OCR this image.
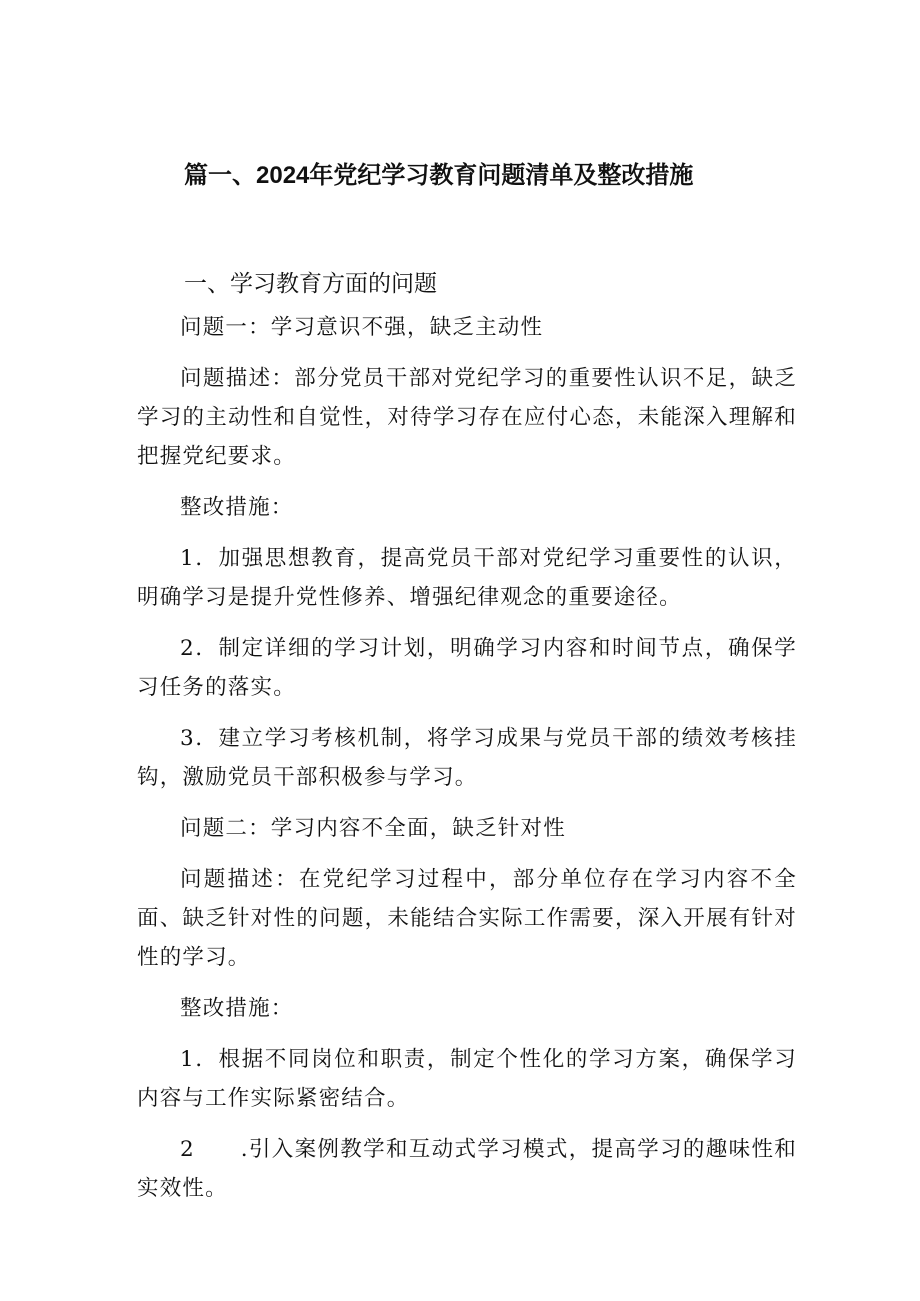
篇一、2024年党纪学习教育问题清单及整改措施
一、学习教育方面的问题

问题一：学习意识不强，缺乏主动性

问题描述：部分党员干部对党纪学习的重要性认识不足，缺乏学习的主动性和自觉性，对待学习存在应付心态，未能深入理解和把握党纪要求。

整改措施：

1．加强思想教育，提高党员干部对党纪学习重要性的认识，明确学习是提升党性修养、增强纪律观念的重要途径。

2．制定详细的学习计划，明确学习内容和时间节点，确保学习任务的落实。

3．建立学习考核机制，将学习成果与党员干部的绩效考核挂钩，激励党员干部积极参与学习。

问题二：学习内容不全面，缺乏针对性

问题描述：在党纪学习过程中，部分单位存在学习内容不全面、缺乏针对性的问题，未能结合实际工作需要，深入开展有针对性的学习。

整改措施：

1．根据不同岗位和职责，制定个性化的学习方案，确保学习内容与工作实际紧密结合。

2　　.引入案例教学和互动式学习模式，提高学习的趣味性和实效性。
